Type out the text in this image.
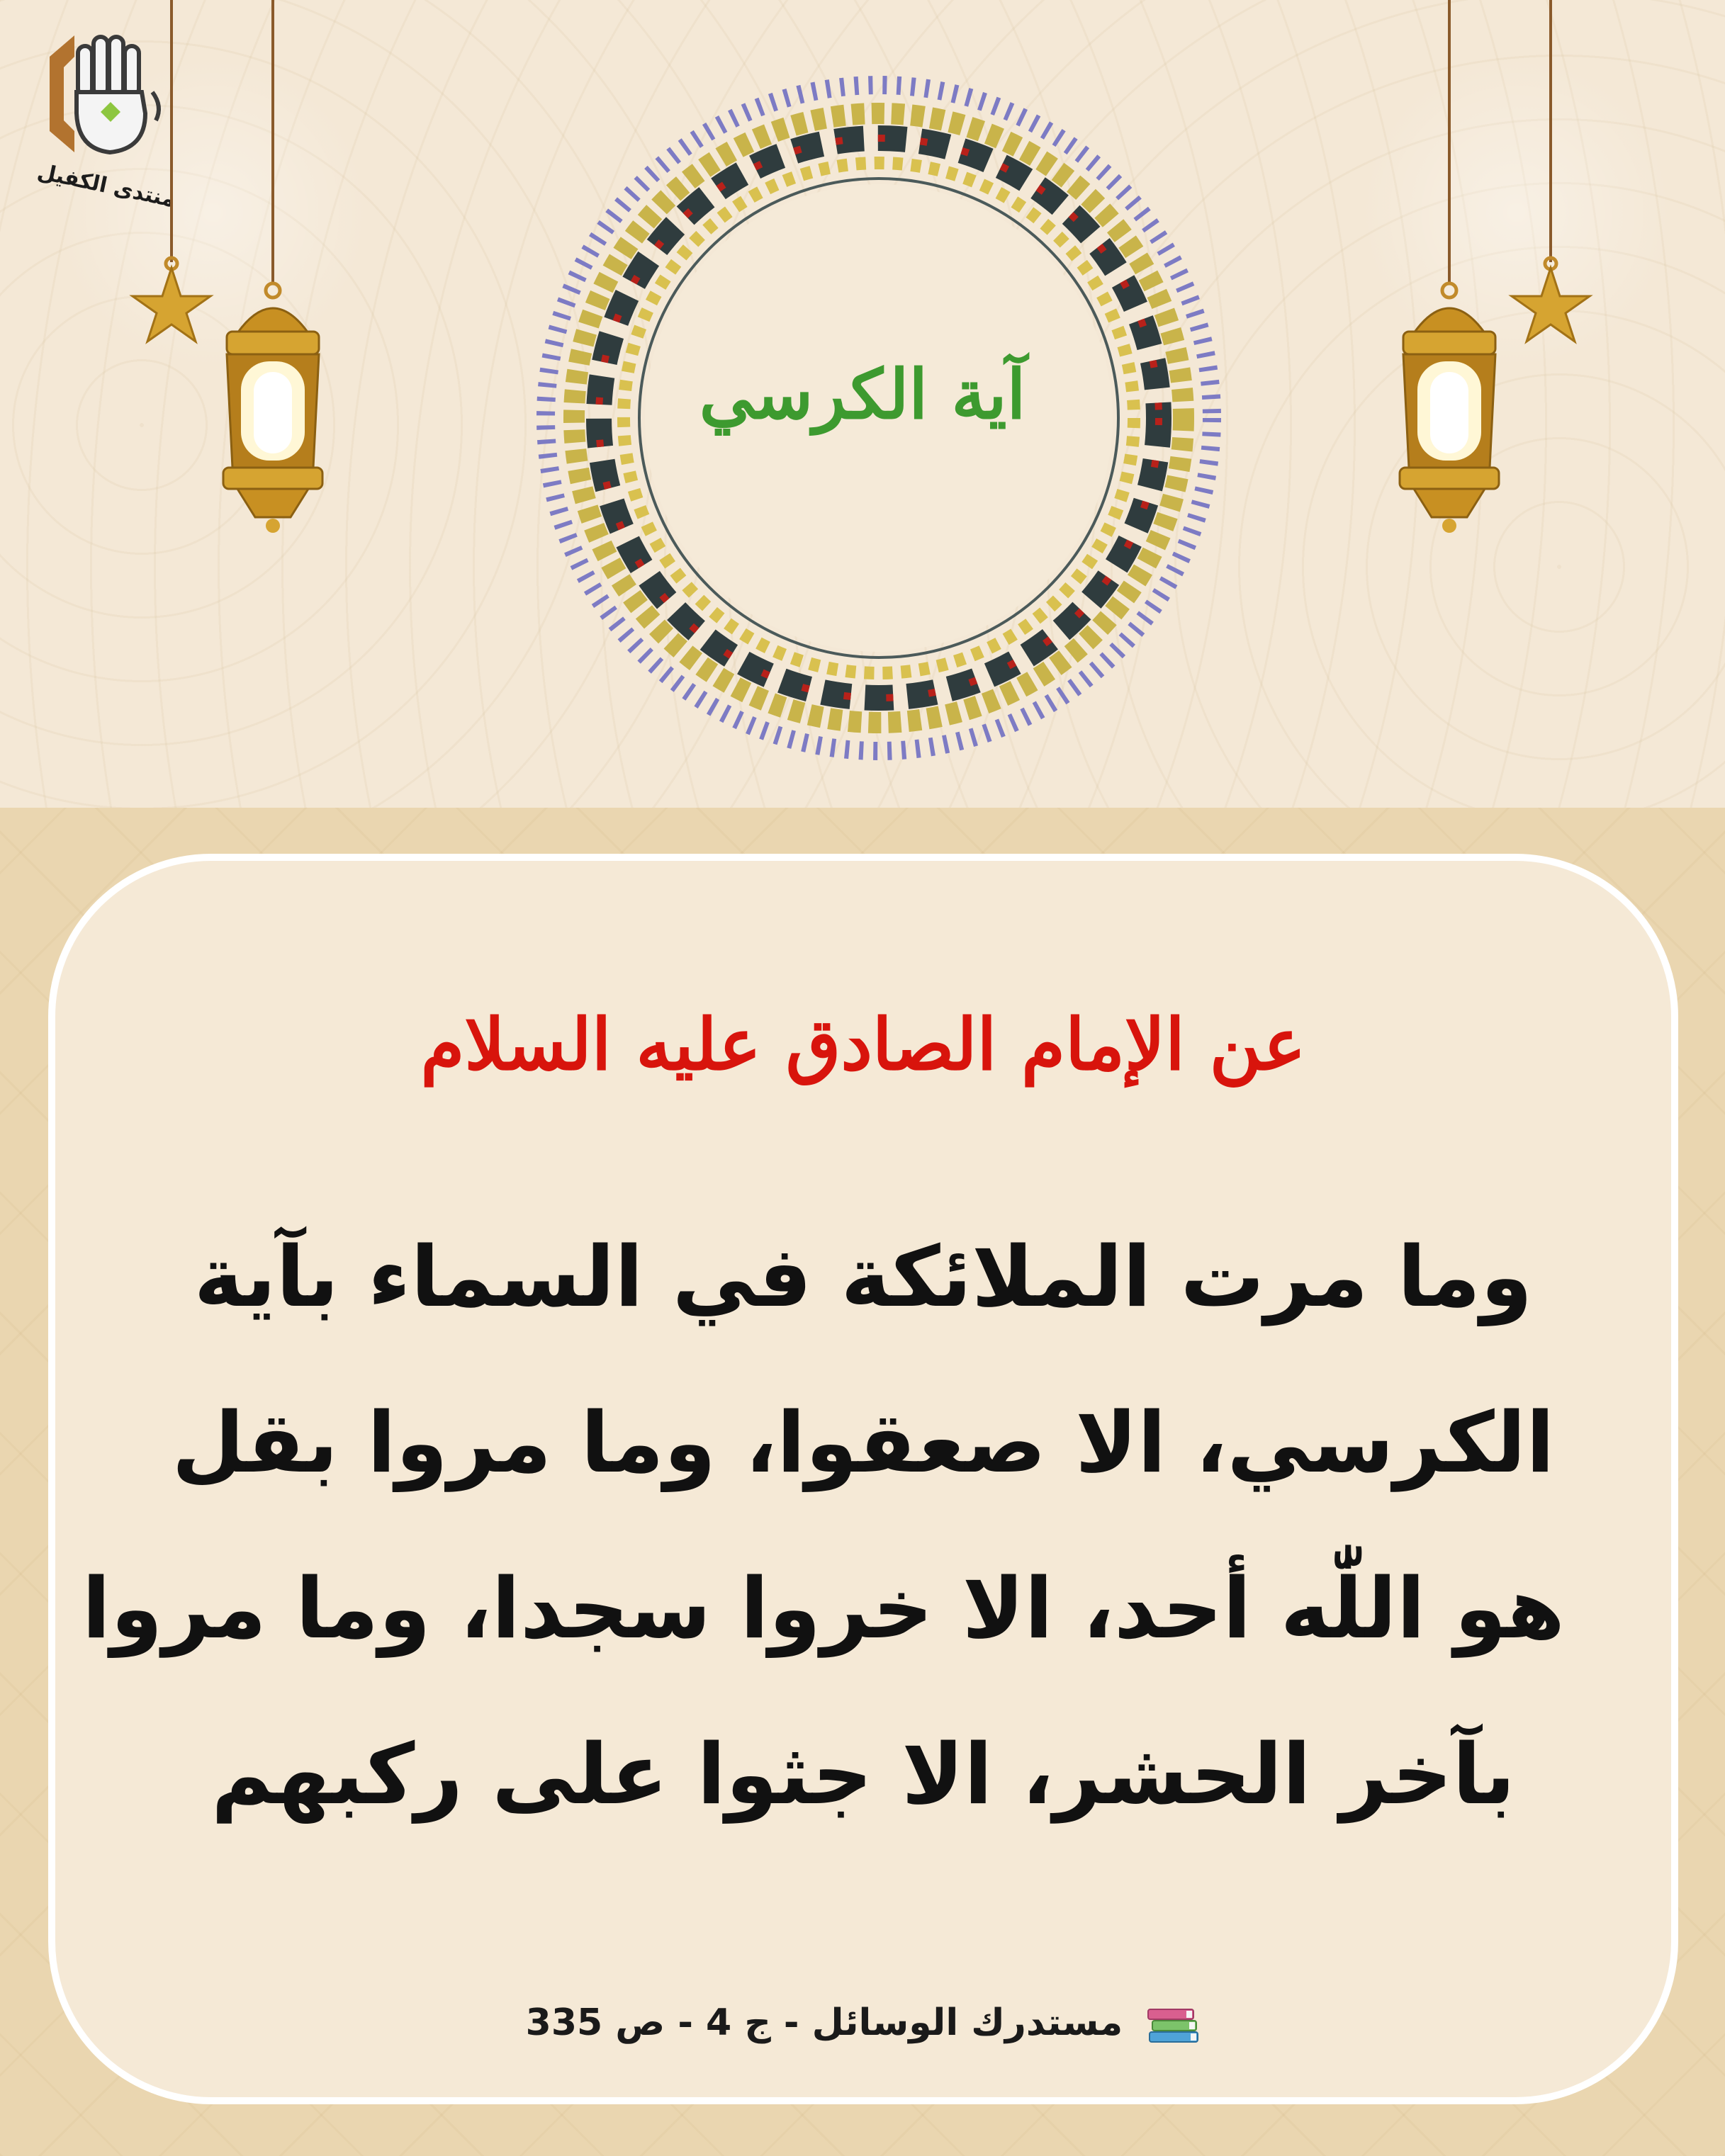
منتدى الكفيل
آية الكرسي
عن الإمام الصادق عليه السلام
وما مرت الملائكة في السماء بآية
الكرسي، الا صعقوا، وما مروا بقل
هو اللّٰه أحد، الا خروا سجدا، وما مروا
بآخر الحشر، الا جثوا على ركبهم
مستدرك الوسائل - ج 4 - ص 335
